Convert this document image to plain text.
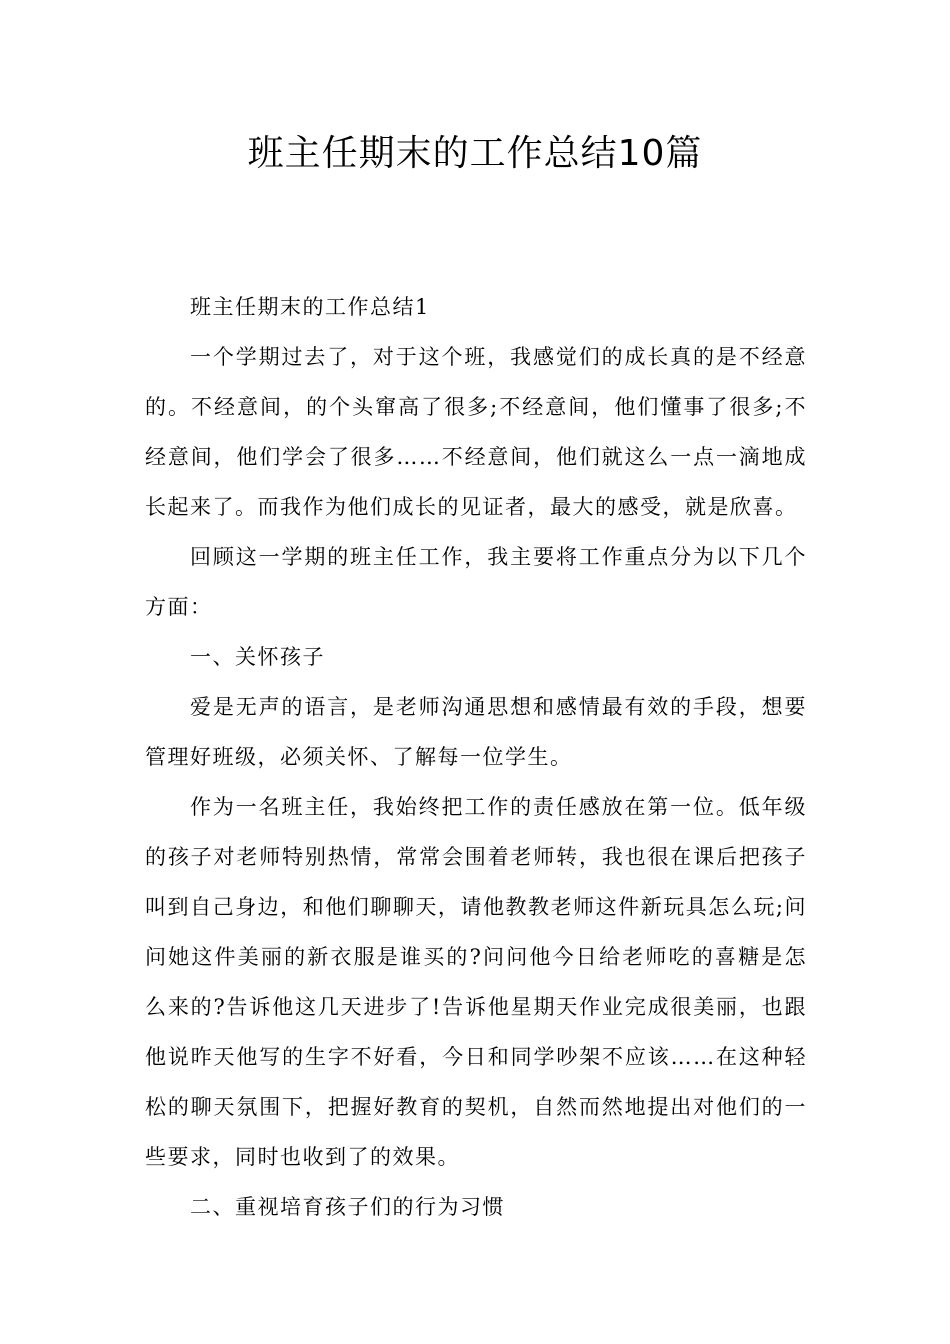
班主任期末的工作总结10篇

班主任期末的工作总结1

一个学期过去了，对于这个班，我感觉们的成长真的是不经意的。不经意间，的个头窜高了很多;不经意间，他们懂事了很多;不经意间，他们学会了很多……不经意间，他们就这么一点一滴地成长起来了。而我作为他们成长的见证者，最大的感受，就是欣喜。

回顾这一学期的班主任工作，我主要将工作重点分为以下几个方面：

一、关怀孩子

爱是无声的语言，是老师沟通思想和感情最有效的手段，想要管理好班级，必须关怀、了解每一位学生。

作为一名班主任，我始终把工作的责任感放在第一位。低年级的孩子对老师特别热情，常常会围着老师转，我也很在课后把孩子叫到自己身边，和他们聊聊天，请他教教老师这件新玩具怎么玩;问问她这件美丽的新衣服是谁买的?问问他今日给老师吃的喜糖是怎么来的?告诉他这几天进步了!告诉他星期天作业完成很美丽，也跟他说昨天他写的生字不好看，今日和同学吵架不应该……在这种轻松的聊天氛围下，把握好教育的契机，自然而然地提出对他们的一些要求，同时也收到了的效果。

二、重视培育孩子们的行为习惯
